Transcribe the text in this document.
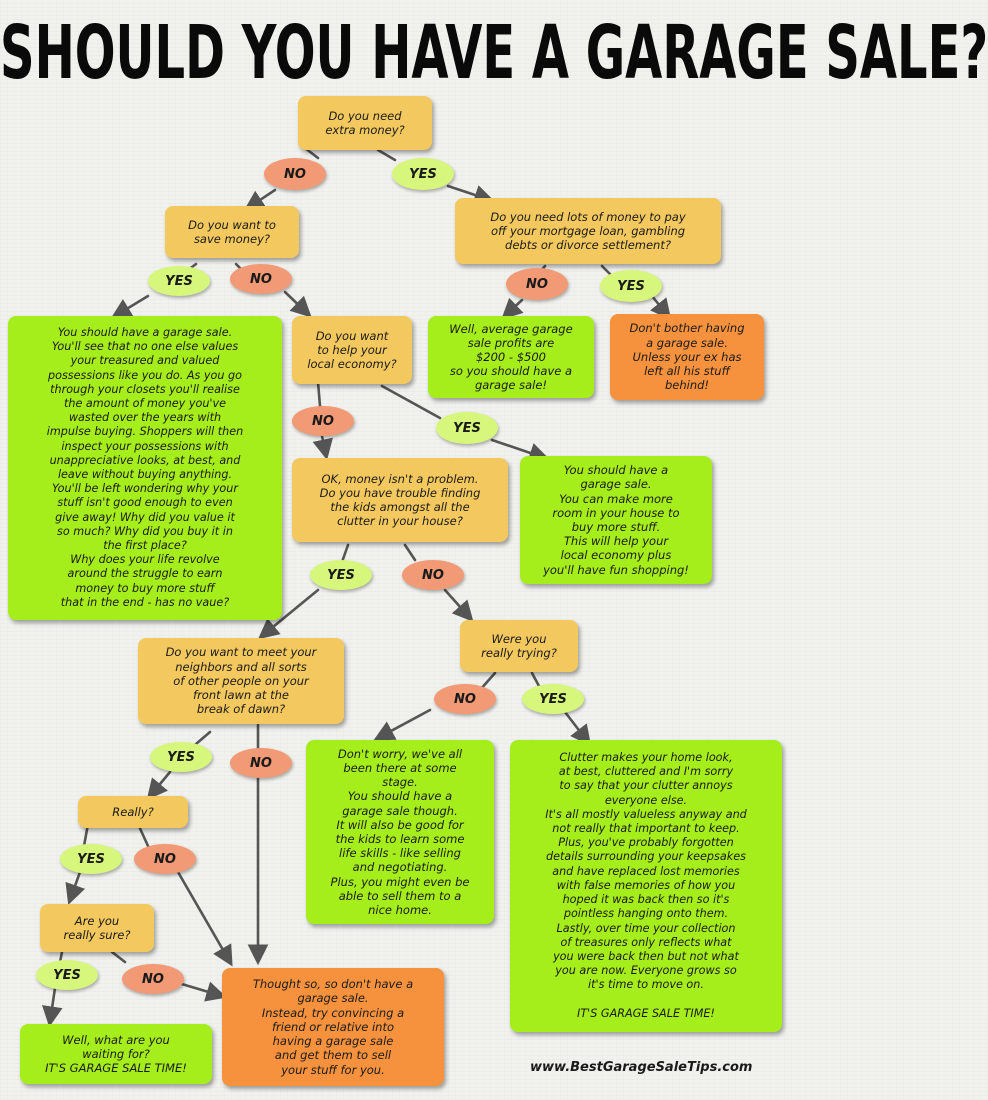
SHOULD YOU HAVE A GARAGE SALE?
Do you need
extra money?
Do you want to
save money?
Do you need lots of money to pay
off your mortgage loan, gambling
debts or divorce settlement?
Do you want
to help your
local economy?
OK, money isn't a problem.
Do you have trouble finding
the kids amongst all the
clutter in your house?
Do you want to meet your
neighbors and all sorts
of other people on your
front lawn at the
break of dawn?
Were you
really trying?
Really?
Are you
really sure?
You should have a garage sale.
You'll see that no one else values
your treasured and valued
possessions like you do. As you go
through your closets you'll realise
the amount of money you've
wasted over the years with
impulse buying. Shoppers will then
inspect your possessions with
unappreciative looks, at best, and
leave without buying anything.
You'll be left wondering why your
stuff isn't good enough to even
give away! Why did you value it
so much? Why did you buy it in
the first place?
Why does your life revolve
around the struggle to earn
money to buy more stuff
that in the end - has no vaue?
Well, average garage
sale profits are
$200 - $500
so you should have a
garage sale!
Don't bother having
a garage sale.
Unless your ex has
left all his stuff
behind!
You should have a
garage sale.
You can make more
room in your house to
buy more stuff.
This will help your
local economy plus
you'll have fun shopping!
Don't worry, we've all
been there at some
stage.
You should have a
garage sale though.
It will also be good for
the kids to learn some
life skills - like selling
and negotiating.
Plus, you might even be
able to sell them to a
nice home.
Clutter makes your home look,
at best, cluttered and I'm sorry
to say that your clutter annoys
everyone else.
It's all mostly valueless anyway and
not really that important to keep.
Plus, you've probably forgotten
details surrounding your keepsakes
and have replaced lost memories
with false memories of how you
hoped it was back then so it's
pointless hanging onto them.
Lastly, over time your collection
of treasures only reflects what
you were back then but not what
you are now. Everyone grows so
it's time to move on.

IT'S GARAGE SALE TIME!
Well, what are you
waiting for?
IT'S GARAGE SALE TIME!
Thought so, so don't have a
garage sale.
Instead, try convincing a
friend or relative into
having a garage sale
and get them to sell
your stuff for you.
NO	YES
NO	YES
YES	NO
NO	YES
YES	NO
NO	YES
YES	NO
YES	NO
YES	NO
www.BestGarageSaleTips.com
